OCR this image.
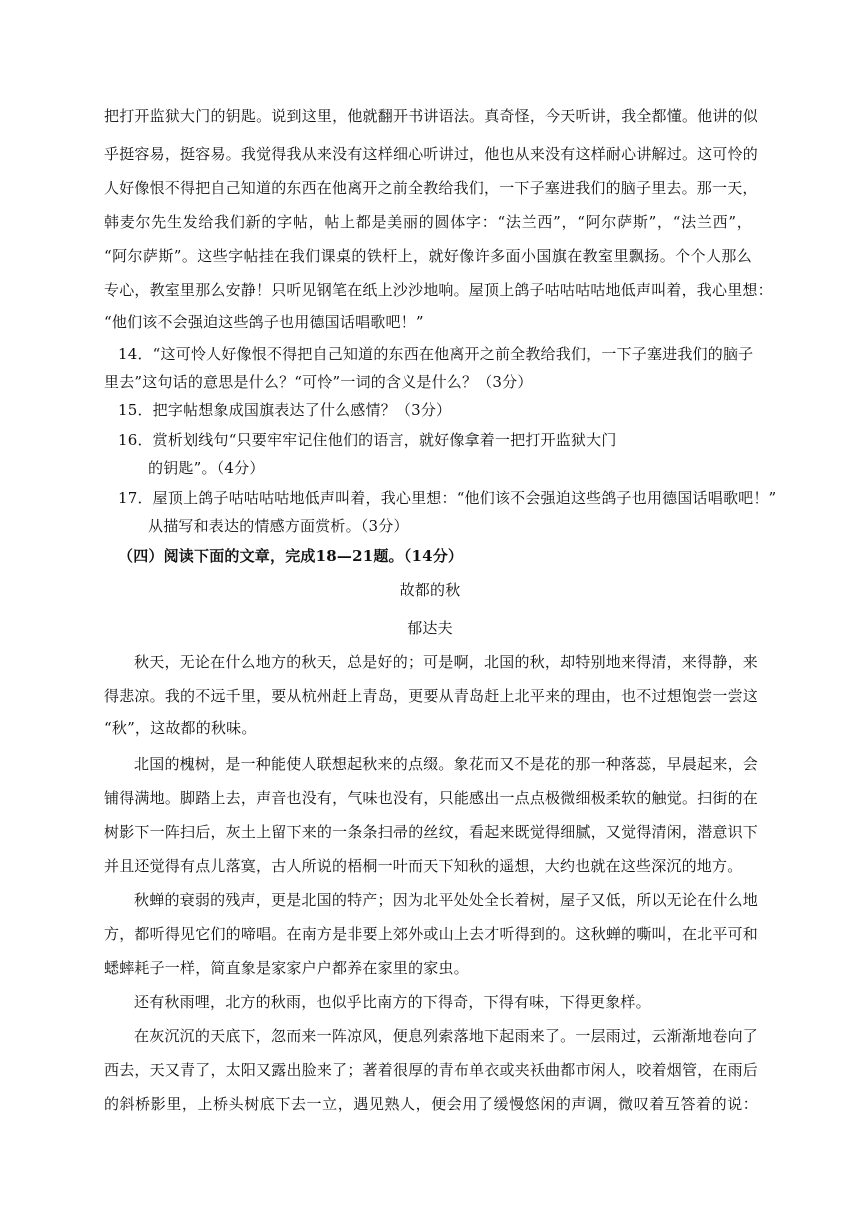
把打开监狱大门的钥匙。说到这里，他就翻开书讲语法。真奇怪，今天听讲，我全都懂。他讲的似
乎挺容易，挺容易。我觉得我从来没有这样细心听讲过，他也从来没有这样耐心讲解过。这可怜的
人好像恨不得把自己知道的东西在他离开之前全教给我们，一下子塞进我们的脑子里去。那一天，
韩麦尔先生发给我们新的字帖，帖上都是美丽的圆体字：“法兰西”，“阿尔萨斯”，“法兰西”，
“阿尔萨斯”。这些字帖挂在我们课桌的铁杆上，就好像许多面小国旗在教室里飘扬。个个人那么
专心，教室里那么安静！只听见钢笔在纸上沙沙地响。屋顶上鸽子咕咕咕咕地低声叫着，我心里想：
“他们该不会强迫这些鸽子也用德国话唱歌吧！”
14．“这可怜人好像恨不得把自己知道的东西在他离开之前全教给我们，一下子塞进我们的脑子
里去”这句话的意思是什么？“可怜”一词的含义是什么？（3分）
15．把字帖想象成国旗表达了什么感情？（3分）
16．赏析划线句“只要牢牢记住他们的语言，就好像拿着一把打开监狱大门
的钥匙”。（4分）
17．屋顶上鸽子咕咕咕咕地低声叫着，我心里想：“他们该不会强迫这些鸽子也用德国话唱歌吧！”
从描写和表达的情感方面赏析。（3分）
（四）阅读下面的文章，完成18—21题。（14分）
故都的秋
郁达夫
秋天，无论在什么地方的秋天，总是好的；可是啊，北国的秋，却特别地来得清，来得静，来
得悲凉。我的不远千里，要从杭州赶上青岛，更要从青岛赶上北平来的理由，也不过想饱尝一尝这
“秋”，这故都的秋味。
北国的槐树，是一种能使人联想起秋来的点缀。象花而又不是花的那一种落蕊，早晨起来，会
铺得满地。脚踏上去，声音也没有，气味也没有，只能感出一点点极微细极柔软的触觉。扫街的在
树影下一阵扫后，灰土上留下来的一条条扫帚的丝纹，看起来既觉得细腻，又觉得清闲，潜意识下
并且还觉得有点儿落寞，古人所说的梧桐一叶而天下知秋的遥想，大约也就在这些深沉的地方。
秋蝉的衰弱的残声，更是北国的特产；因为北平处处全长着树，屋子又低，所以无论在什么地
方，都听得见它们的啼唱。在南方是非要上郊外或山上去才听得到的。这秋蝉的嘶叫，在北平可和
蟋蟀耗子一样，简直象是家家户户都养在家里的家虫。
还有秋雨哩，北方的秋雨，也似乎比南方的下得奇，下得有味，下得更象样。
在灰沉沉的天底下，忽而来一阵凉风，便息列索落地下起雨来了。一层雨过，云渐渐地卷向了
西去，天又青了，太阳又露出脸来了；著着很厚的青布单衣或夹袄曲都市闲人，咬着烟管，在雨后
的斜桥影里，上桥头树底下去一立，遇见熟人，便会用了缓慢悠闲的声调，微叹着互答着的说：
